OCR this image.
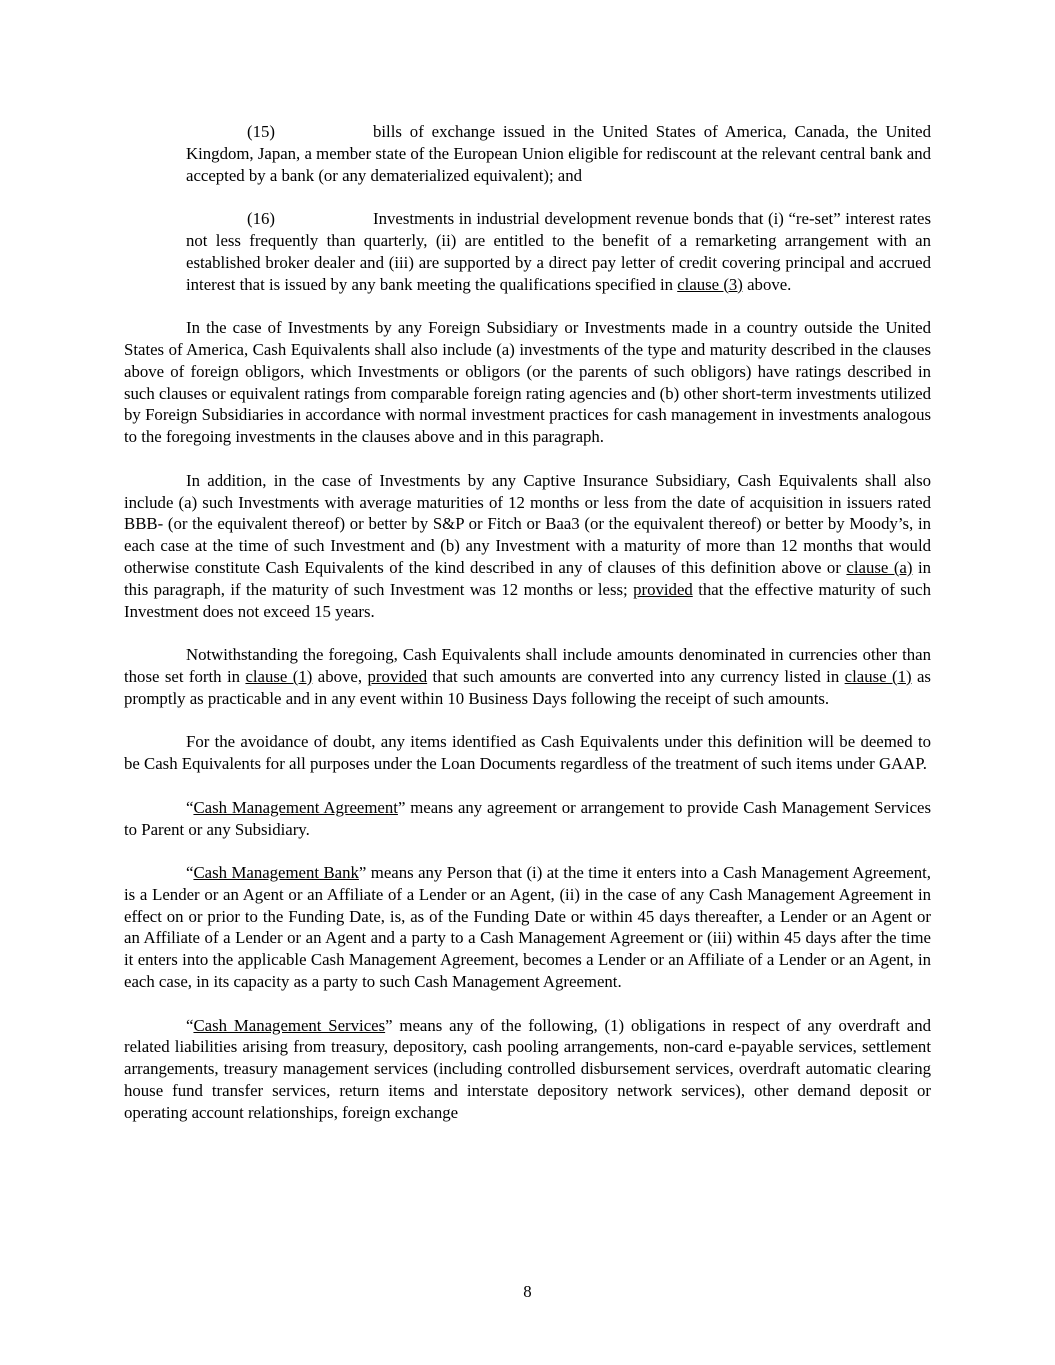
(15)	bills of exchange issued in the United States of America, Canada, the United Kingdom, Japan, a member state of the European Union eligible for rediscount at the relevant central bank and accepted by a bank (or any dematerialized equivalent); and

(16)	Investments in industrial development revenue bonds that (i) “re-set” interest rates not less frequently than quarterly, (ii) are entitled to the benefit of a remarketing arrangement with an established broker dealer and (iii) are supported by a direct pay letter of credit covering principal and accrued interest that is issued by any bank meeting the qualifications specified in clause (3) above.

In the case of Investments by any Foreign Subsidiary or Investments made in a country outside the United States of America, Cash Equivalents shall also include (a) investments of the type and maturity described in the clauses above of foreign obligors, which Investments or obligors (or the parents of such obligors) have ratings described in such clauses or equivalent ratings from comparable foreign rating agencies and (b) other short-term investments utilized by Foreign Subsidiaries in accordance with normal investment practices for cash management in investments analogous to the foregoing investments in the clauses above and in this paragraph.

In addition, in the case of Investments by any Captive Insurance Subsidiary, Cash Equivalents shall also include (a) such Investments with average maturities of 12 months or less from the date of acquisition in issuers rated BBB- (or the equivalent thereof) or better by S&P or Fitch or Baa3 (or the equivalent thereof) or better by Moody’s, in each case at the time of such Investment and (b) any Investment with a maturity of more than 12 months that would otherwise constitute Cash Equivalents of the kind described in any of clauses of this definition above or clause (a) in this paragraph, if the maturity of such Investment was 12 months or less; provided that the effective maturity of such Investment does not exceed 15 years.

Notwithstanding the foregoing, Cash Equivalents shall include amounts denominated in currencies other than those set forth in clause (1) above, provided that such amounts are converted into any currency listed in clause (1) as promptly as practicable and in any event within 10 Business Days following the receipt of such amounts.

For the avoidance of doubt, any items identified as Cash Equivalents under this definition will be deemed to be Cash Equivalents for all purposes under the Loan Documents regardless of the treatment of such items under GAAP.

“Cash Management Agreement” means any agreement or arrangement to provide Cash Management Services to Parent or any Subsidiary.

“Cash Management Bank” means any Person that (i) at the time it enters into a Cash Management Agreement, is a Lender or an Agent or an Affiliate of a Lender or an Agent, (ii) in the case of any Cash Management Agreement in effect on or prior to the Funding Date, is, as of the Funding Date or within 45 days thereafter, a Lender or an Agent or an Affiliate of a Lender or an Agent and a party to a Cash Management Agreement or (iii) within 45 days after the time it enters into the applicable Cash Management Agreement, becomes a Lender or an Affiliate of a Lender or an Agent, in each case, in its capacity as a party to such Cash Management Agreement.

“Cash Management Services” means any of the following, (1) obligations in respect of any overdraft and related liabilities arising from treasury, depository, cash pooling arrangements, non-card e-payable services, settlement arrangements, treasury management services (including controlled disbursement services, overdraft automatic clearing house fund transfer services, return items and interstate depository network services), other demand deposit or operating account relationships, foreign exchange

8
